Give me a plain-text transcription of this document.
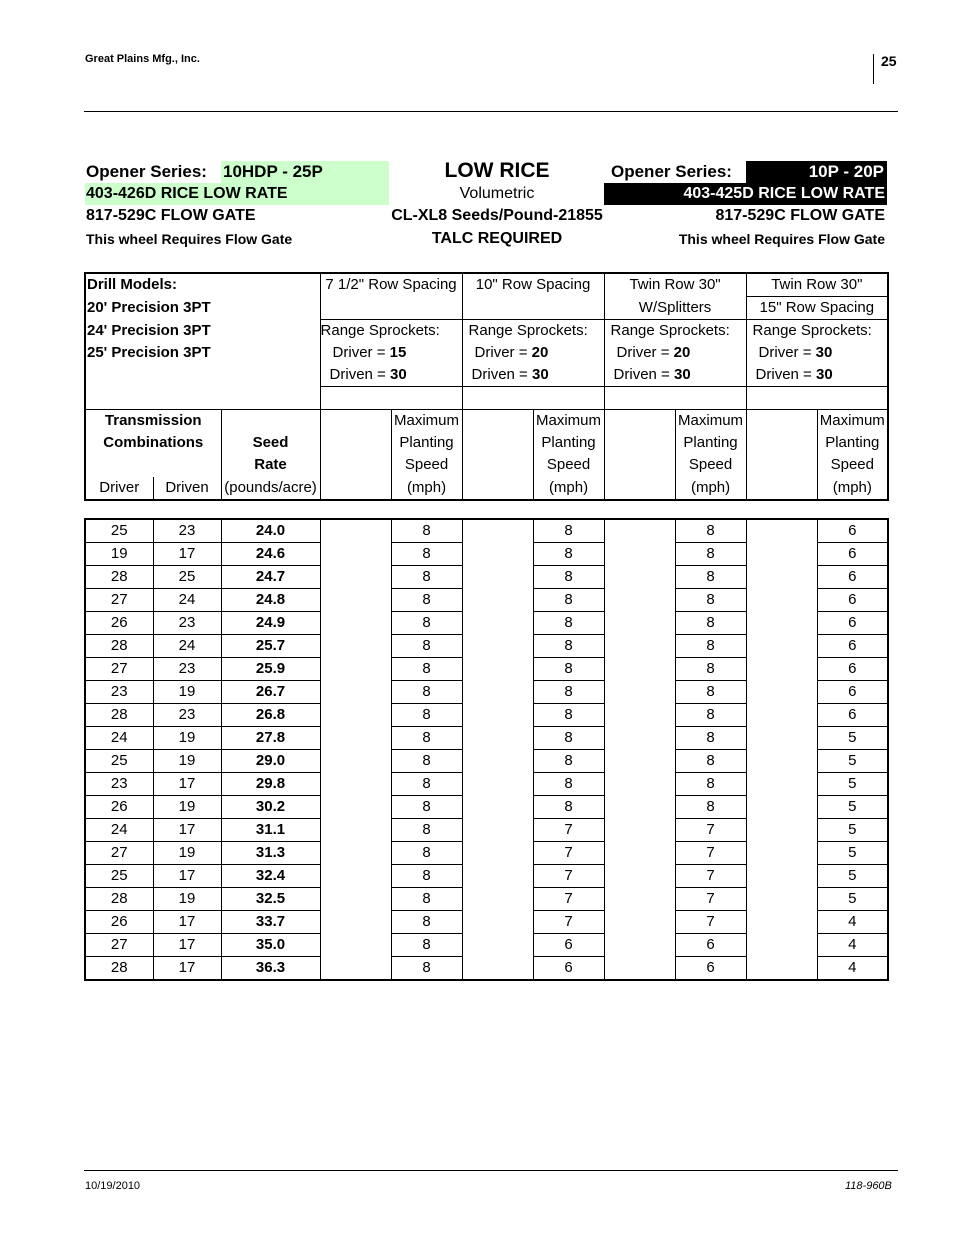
Great Plains Mfg., Inc.	25
Opener Series: 10HDP - 25P
403-426D RICE LOW RATE
817-529C FLOW GATE
This wheel Requires Flow Gate
LOW RICE
Volumetric
CL-XL8 Seeds/Pound-21855
TALC REQUIRED
Opener Series:	10P - 20P
403-425D RICE LOW RATE
817-529C FLOW GATE
This wheel Requires Flow Gate
Drill Models:			7 1/2" Row Spacing		10" Row Spacing		Twin Row 30"		Twin Row 30"	
20' Precision 3PT							W/Splitters		15" Row Spacing	
24' Precision 3PT			Range Sprockets:		Range Sprockets:		Range Sprockets:		Range Sprockets:	
25' Precision 3PT			Driver = 15		Driver = 20		Driver = 20		Driver = 30	
			Driven = 30		Driven = 30		Driven = 30		Driven = 30	

Transmission				Maximum		Maximum		Maximum		Maximum
Combinations		Seed		Planting		Planting		Planting		Planting
		Rate		Speed		Speed		Speed		Speed
Driver	Driven	(pounds/acre)		(mph)		(mph)		(mph)		(mph)
25	23	24.0		8		8		8		6
19	17	24.6		8		8		8		6
28	25	24.7		8		8		8		6
27	24	24.8		8		8		8		6
26	23	24.9		8		8		8		6
28	24	25.7		8		8		8		6
27	23	25.9		8		8		8		6
23	19	26.7		8		8		8		6
28	23	26.8		8		8		8		6
24	19	27.8		8		8		8		5
25	19	29.0		8		8		8		5
23	17	29.8		8		8		8		5
26	19	30.2		8		8		8		5
24	17	31.1		8		7		7		5
27	19	31.3		8		7		7		5
25	17	32.4		8		7		7		5
28	19	32.5		8		7		7		5
26	17	33.7		8		7		7		4
27	17	35.0		8		6		6		4
28	17	36.3		8		6		6		4
10/19/2010	118-960B
